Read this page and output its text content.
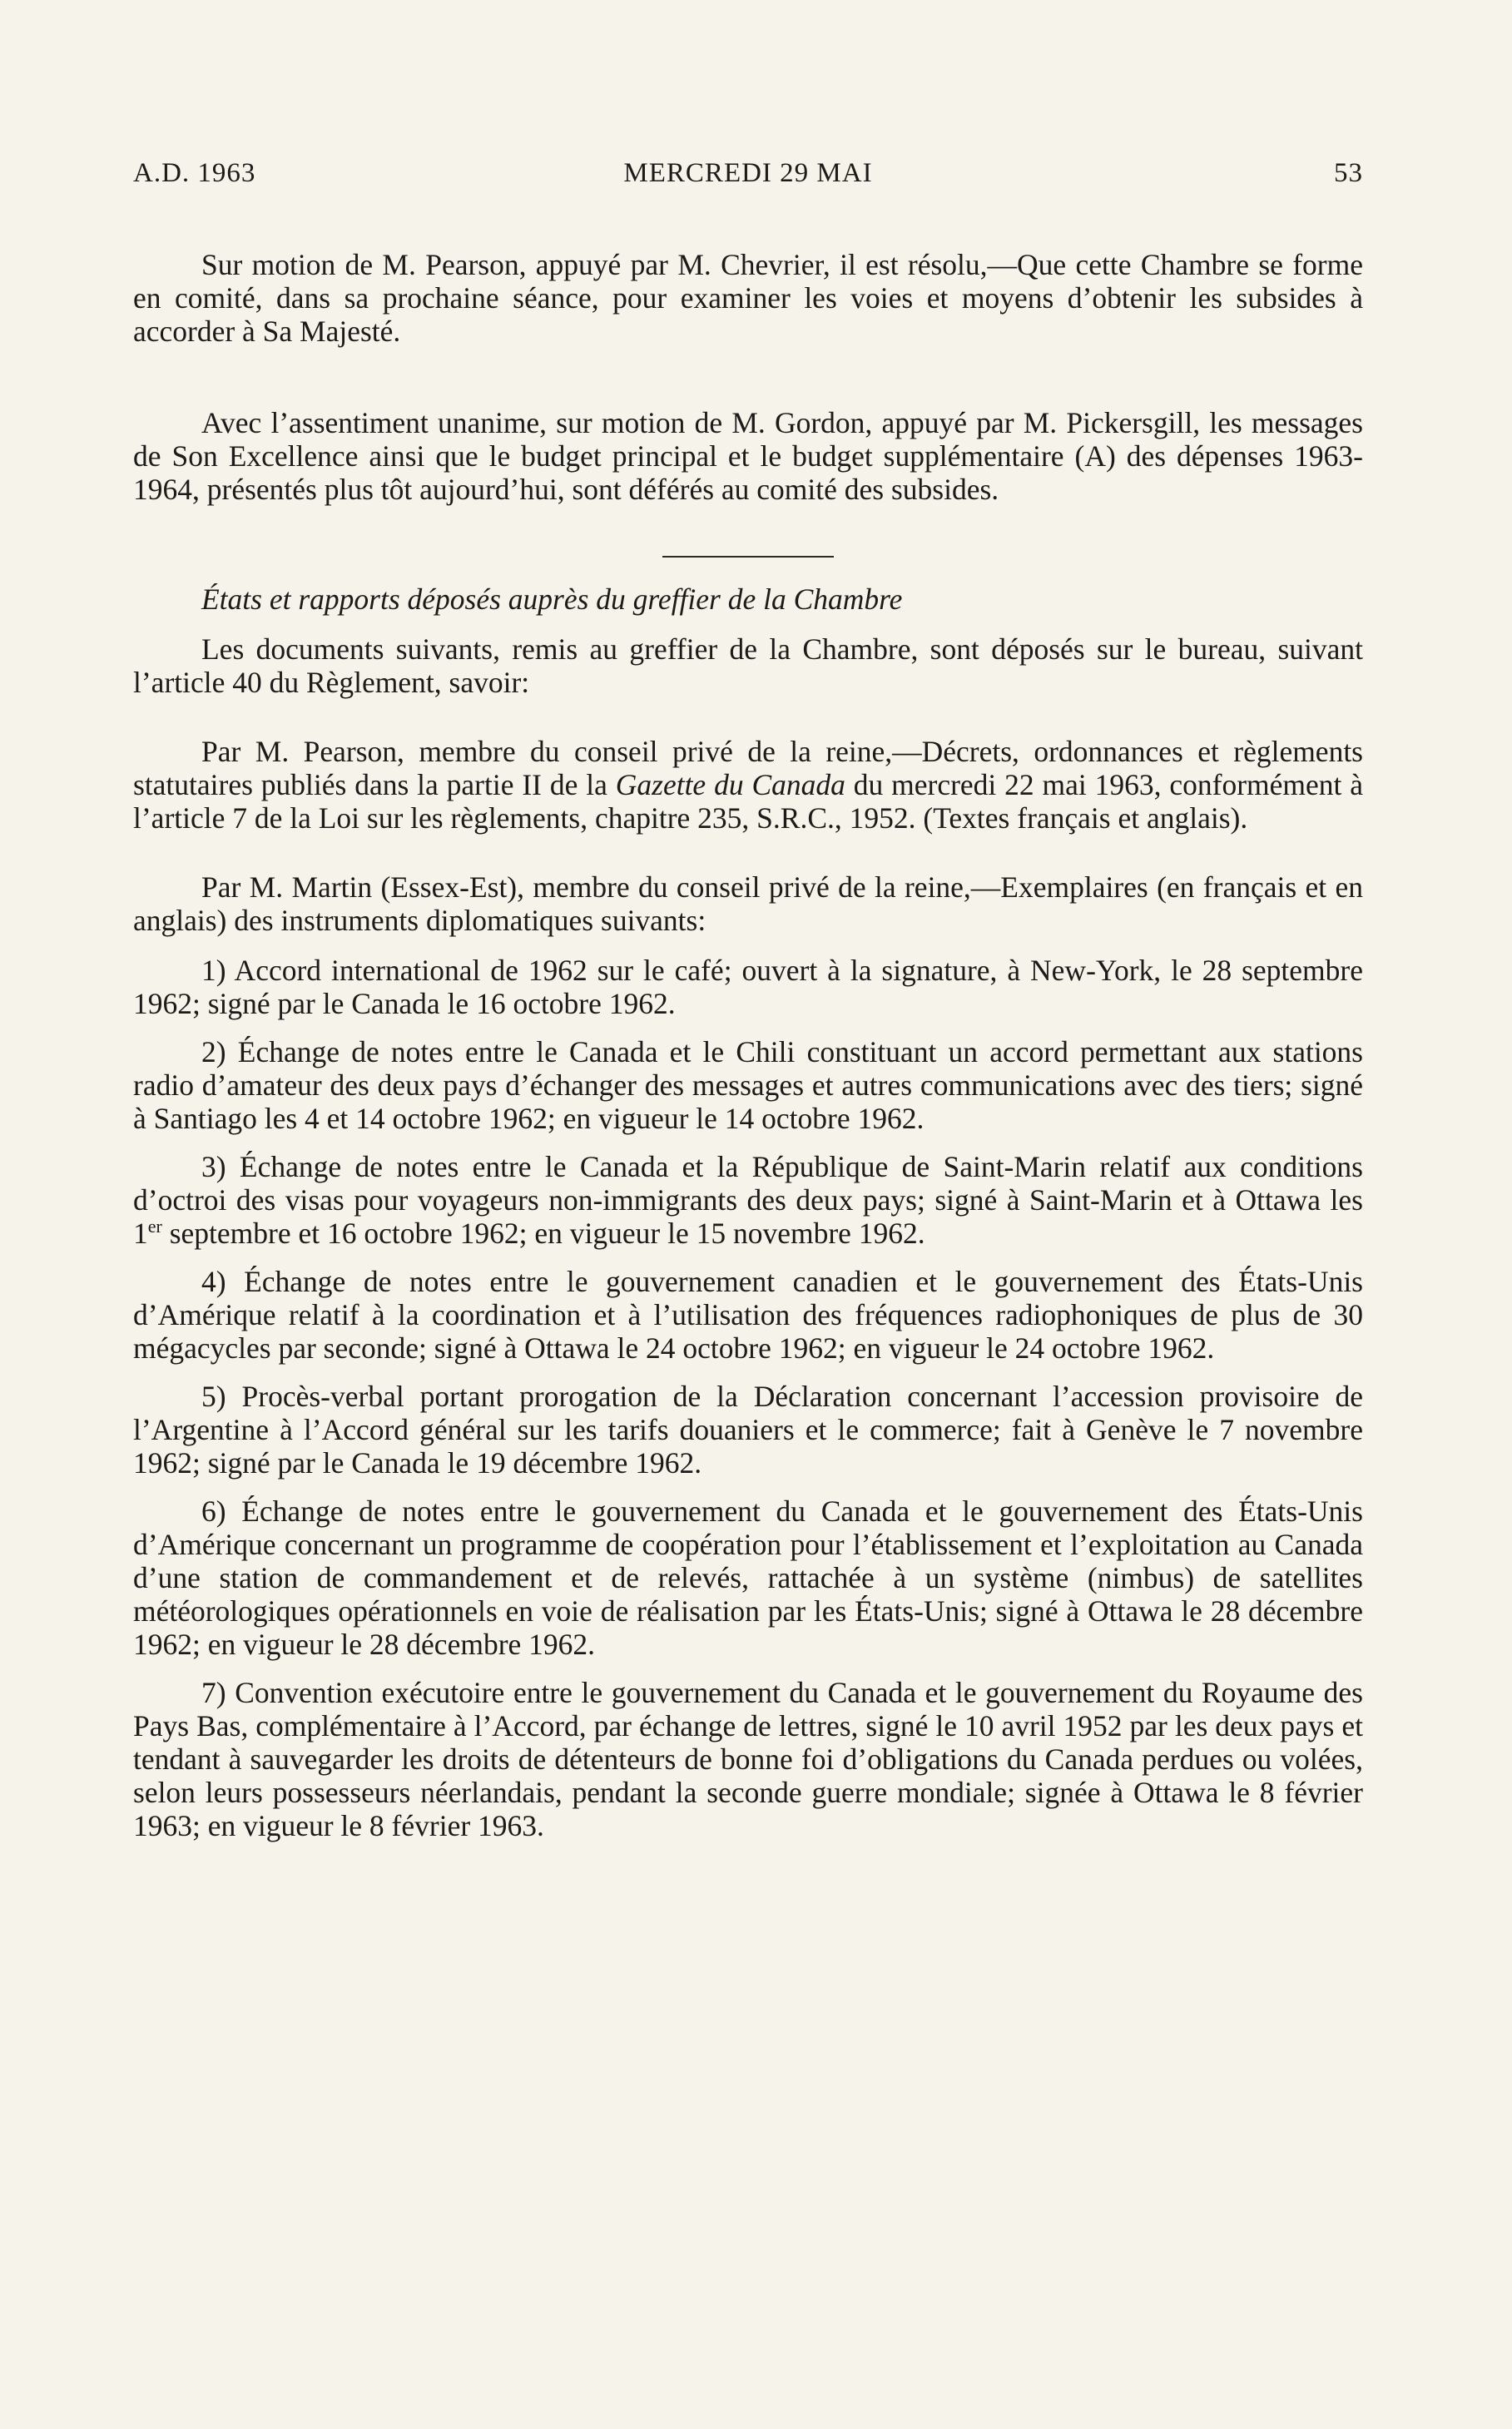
A.D. 1963	MERCREDI 29 MAI	53

Sur motion de M. Pearson, appuyé par M. Chevrier, il est résolu,—Que cette Chambre se forme en comité, dans sa prochaine séance, pour examiner les voies et moyens d’obtenir les subsides à accorder à Sa Majesté.

Avec l’assentiment unanime, sur motion de M. Gordon, appuyé par M. Pickersgill, les messages de Son Excellence ainsi que le budget principal et le budget supplémentaire (A) des dépenses 1963-1964, présentés plus tôt aujourd’hui, sont déférés au comité des subsides.

États et rapports déposés auprès du greffier de la Chambre

Les documents suivants, remis au greffier de la Chambre, sont déposés sur le bureau, suivant l’article 40 du Règlement, savoir:

Par M. Pearson, membre du conseil privé de la reine,—Décrets, ordonnances et règlements statutaires publiés dans la partie II de la Gazette du Canada du mercredi 22 mai 1963, conformément à l’article 7 de la Loi sur les règlements, chapitre 235, S.R.C., 1952. (Textes français et anglais).

Par M. Martin (Essex-Est), membre du conseil privé de la reine,—Exemplaires (en français et en anglais) des instruments diplomatiques suivants:

1) Accord international de 1962 sur le café; ouvert à la signature, à New-York, le 28 septembre 1962; signé par le Canada le 16 octobre 1962.

2) Échange de notes entre le Canada et le Chili constituant un accord permettant aux stations radio d’amateur des deux pays d’échanger des messages et autres communications avec des tiers; signé à Santiago les 4 et 14 octobre 1962; en vigueur le 14 octobre 1962.

3) Échange de notes entre le Canada et la République de Saint-Marin relatif aux conditions d’octroi des visas pour voyageurs non-immigrants des deux pays; signé à Saint-Marin et à Ottawa les 1er septembre et 16 octobre 1962; en vigueur le 15 novembre 1962.

4) Échange de notes entre le gouvernement canadien et le gouvernement des États-Unis d’Amérique relatif à la coordination et à l’utilisation des fréquences radiophoniques de plus de 30 mégacycles par seconde; signé à Ottawa le 24 octobre 1962; en vigueur le 24 octobre 1962.

5) Procès-verbal portant prorogation de la Déclaration concernant l’accession provisoire de l’Argentine à l’Accord général sur les tarifs douaniers et le commerce; fait à Genève le 7 novembre 1962; signé par le Canada le 19 décembre 1962.

6) Échange de notes entre le gouvernement du Canada et le gouvernement des États-Unis d’Amérique concernant un programme de coopération pour l’établissement et l’exploitation au Canada d’une station de commandement et de relevés, rattachée à un système (nimbus) de satellites météorologiques opérationnels en voie de réalisation par les États-Unis; signé à Ottawa le 28 décembre 1962; en vigueur le 28 décembre 1962.

7) Convention exécutoire entre le gouvernement du Canada et le gouvernement du Royaume des Pays Bas, complémentaire à l’Accord, par échange de lettres, signé le 10 avril 1952 par les deux pays et tendant à sauvegarder les droits de détenteurs de bonne foi d’obligations du Canada perdues ou volées, selon leurs possesseurs néerlandais, pendant la seconde guerre mondiale; signée à Ottawa le 8 février 1963; en vigueur le 8 février 1963.
